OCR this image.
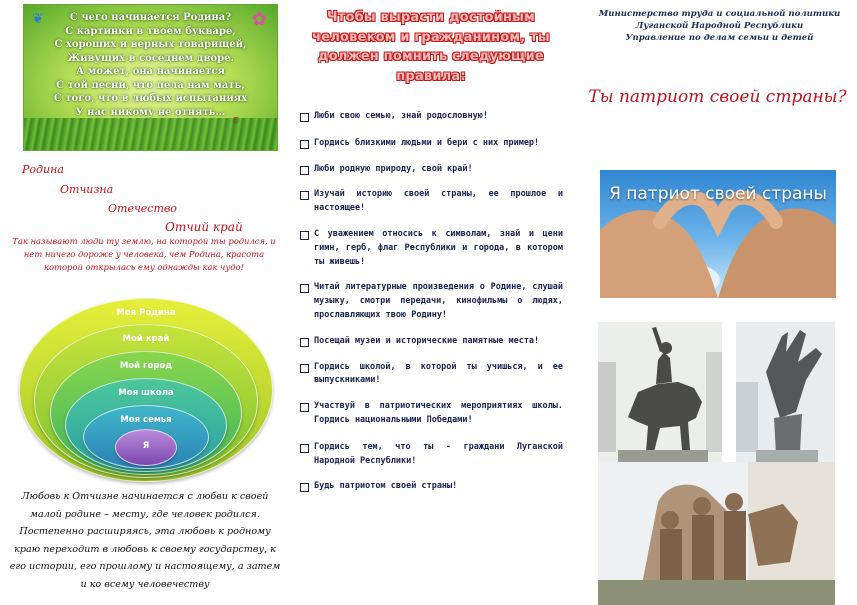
❦	✿
С чего начинается Родина?
С картинки в твоём букваре,
С хороших и верных товарищей,
Живущих в соседнем дворе.
А может, она начинается
С той песни, что пела нам мать,
С того, что в любых испытаниях
У нас никому не отнять…
Родина
Отчизна
Отечество
Отчий край
Так называют люди ту землю, на которой ты родился, и нет ничего дороже у человека, чем Родина, красота которой открылась ему однажды как чудо!
Моя Родина
Мой край
Мой город
Моя школа
Моя семья
Я
Любовь к Отчизне начинается с любви к своей малой родине – месту, где человек родился. Постепенно расширяясь, эта любовь к родному краю переходит в любовь к своему государству, к его истории, его прошлому и настоящему, а затем и ко всему человечеству
Чтобы вырасти достойным человеком и гражданином, ты должен помнить следующие правила:
Люби свою семью, знай родословную!
Гордись близкими людьми и бери с них пример!
Люби родную природу, свой край!
Изучай историю своей страны, ее прошлое и настоящее!
С уважением относись к символам, знай и цени гимн, герб, флаг Республики и города, в котором ты живешь!
Читай литературные произведения о Родине, слушай музыку, смотри передачи, кинофильмы о людях, прославляющих твою Родину!
Посещай музеи и исторические памятные места!
Гордись школой, в которой ты учишься, и ее выпускниками!
Участвуй в патриотических мероприятиях школы. Гордись национальными Победами!
Гордись тем, что ты - граждани Луганской Народной Республики!
Будь патриотом своей страны!
Министерство труда и социальной политики
Луганской Народной Республики
Управление по делам семьи и детей
Ты патриот своей страны?
Я патриот своей страны
